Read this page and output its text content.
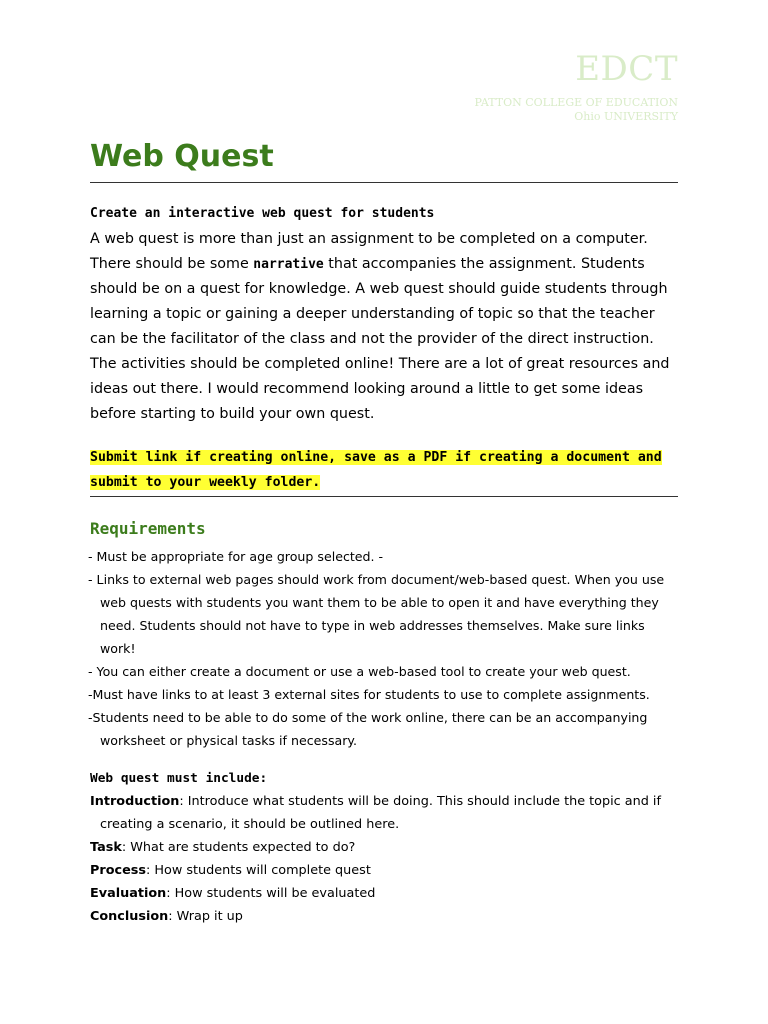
EDCT
PATTON COLLEGE OF EDUCATION
Ohio UNIVERSITY
Web Quest
Create an interactive web quest for students
A web quest is more than just an assignment to be completed on a computer. There should be some narrative that accompanies the assignment. Students should be on a quest for knowledge. A web quest should guide students through learning a topic or gaining a deeper understanding of topic so that the teacher can be the facilitator of the class and not the provider of the direct instruction. The activities should be completed online! There are a lot of great resources and ideas out there. I would recommend looking around a little to get some ideas before starting to build your own quest.
Submit link if creating online, save as a PDF if creating a document and submit to your weekly folder.
Requirements
- Must be appropriate for age group selected. -
- Links to external web pages should work from document/web-based quest. When you use web quests with students you want them to be able to open it and have everything they need. Students should not have to type in web addresses themselves. Make sure links work!
- You can either create a document or use a web-based tool to create your web quest.
-Must have links to at least 3 external sites for students to use to complete assignments.
-Students need to be able to do some of the work online, there can be an accompanying worksheet or physical tasks if necessary.
Web quest must include:
Introduction: Introduce what students will be doing. This should include the topic and if creating a scenario, it should be outlined here.
Task: What are students expected to do?
Process: How students will complete quest
Evaluation: How students will be evaluated
Conclusion: Wrap it up
